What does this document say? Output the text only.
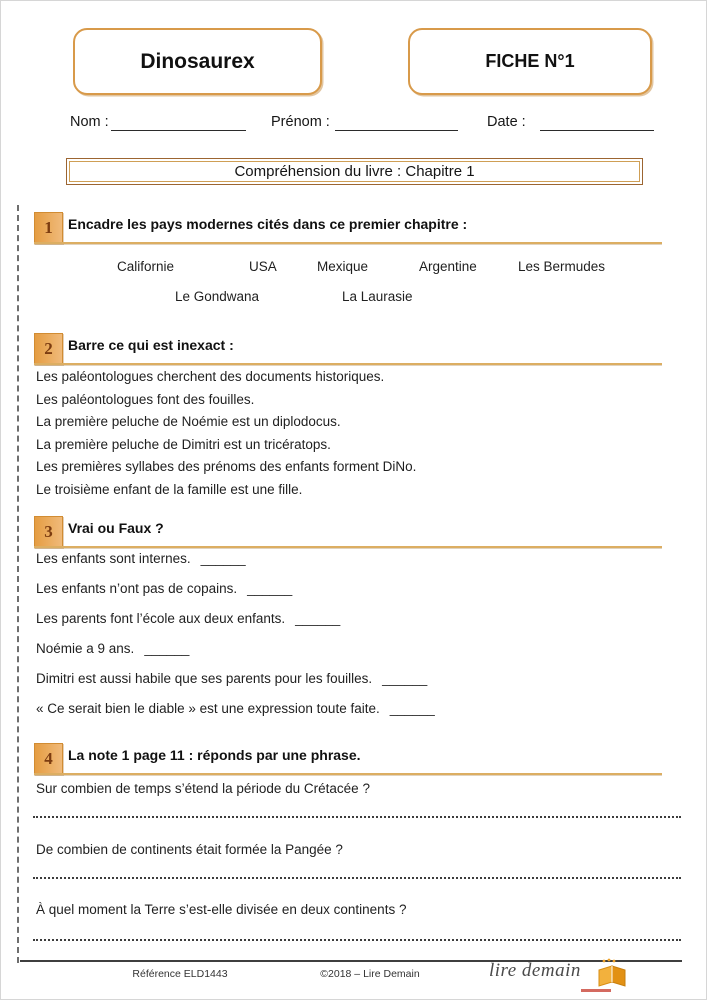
Dinosaurex	FICHE N°1
Nom :	Prénom :	Date :
Compréhension du livre : Chapitre 1
1	Encadre les pays modernes cités dans ce premier chapitre :
Californie	USA	Mexique	Argentine	Les Bermudes
Le Gondwana	La Laurasie
2	Barre ce qui est inexact :
Les paléontologues cherchent des documents historiques.
Les paléontologues font des fouilles.
La première peluche de Noémie est un diplodocus.
La première peluche de Dimitri est un tricératops.
Les premières syllabes des prénoms des enfants forment DiNo.
Le troisième enfant de la famille est une fille.
3	Vrai ou Faux ?
Les enfants sont internes. ______
Les enfants n’ont pas de copains. ______
Les parents font l’école aux deux enfants. ______
Noémie a 9 ans. ______
Dimitri est aussi habile que ses parents pour les fouilles. ______
« Ce serait bien le diable » est une expression toute faite. ______
4	La note 1 page 11 : réponds par une phrase.
Sur combien de temps s’étend la période du Crétacée ?
De combien de continents était formée la Pangée ?
À quel moment la Terre s’est-elle divisée en deux continents ?
Référence ELD1443	©2018 – Lire Demain	lire demain
